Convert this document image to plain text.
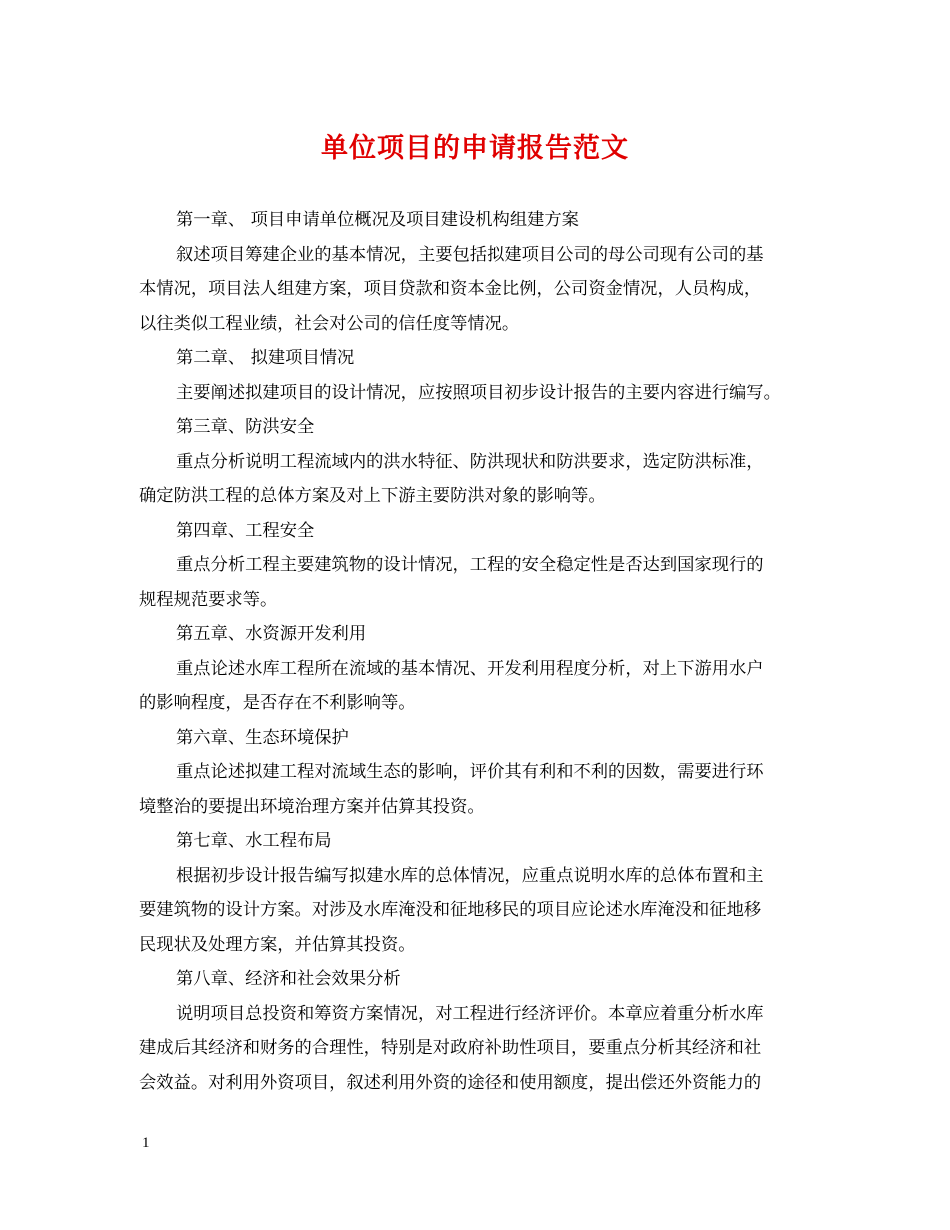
单位项目的申请报告范文
第一章、 项目申请单位概况及项目建设机构组建方案
叙述项目筹建企业的基本情况，主要包括拟建项目公司的母公司现有公司的基
本情况，项目法人组建方案，项目贷款和资本金比例，公司资金情况，人员构成，
以往类似工程业绩，社会对公司的信任度等情况。
第二章、 拟建项目情况
主要阐述拟建项目的设计情况，应按照项目初步设计报告的主要内容进行编写。
第三章、防洪安全
重点分析说明工程流域内的洪水特征、防洪现状和防洪要求，选定防洪标准，
确定防洪工程的总体方案及对上下游主要防洪对象的影响等。
第四章、工程安全
重点分析工程主要建筑物的设计情况，工程的安全稳定性是否达到国家现行的
规程规范要求等。
第五章、水资源开发利用
重点论述水库工程所在流域的基本情况、开发利用程度分析，对上下游用水户
的影响程度，是否存在不利影响等。
第六章、生态环境保护
重点论述拟建工程对流域生态的影响，评价其有利和不利的因数，需要进行环
境整治的要提出环境治理方案并估算其投资。
第七章、水工程布局
根据初步设计报告编写拟建水库的总体情况，应重点说明水库的总体布置和主
要建筑物的设计方案。对涉及水库淹没和征地移民的项目应论述水库淹没和征地移
民现状及处理方案，并估算其投资。
第八章、经济和社会效果分析
说明项目总投资和筹资方案情况，对工程进行经济评价。本章应着重分析水库
建成后其经济和财务的合理性，特别是对政府补助性项目，要重点分析其经济和社
会效益。对利用外资项目，叙述利用外资的途径和使用额度，提出偿还外资能力的
1
